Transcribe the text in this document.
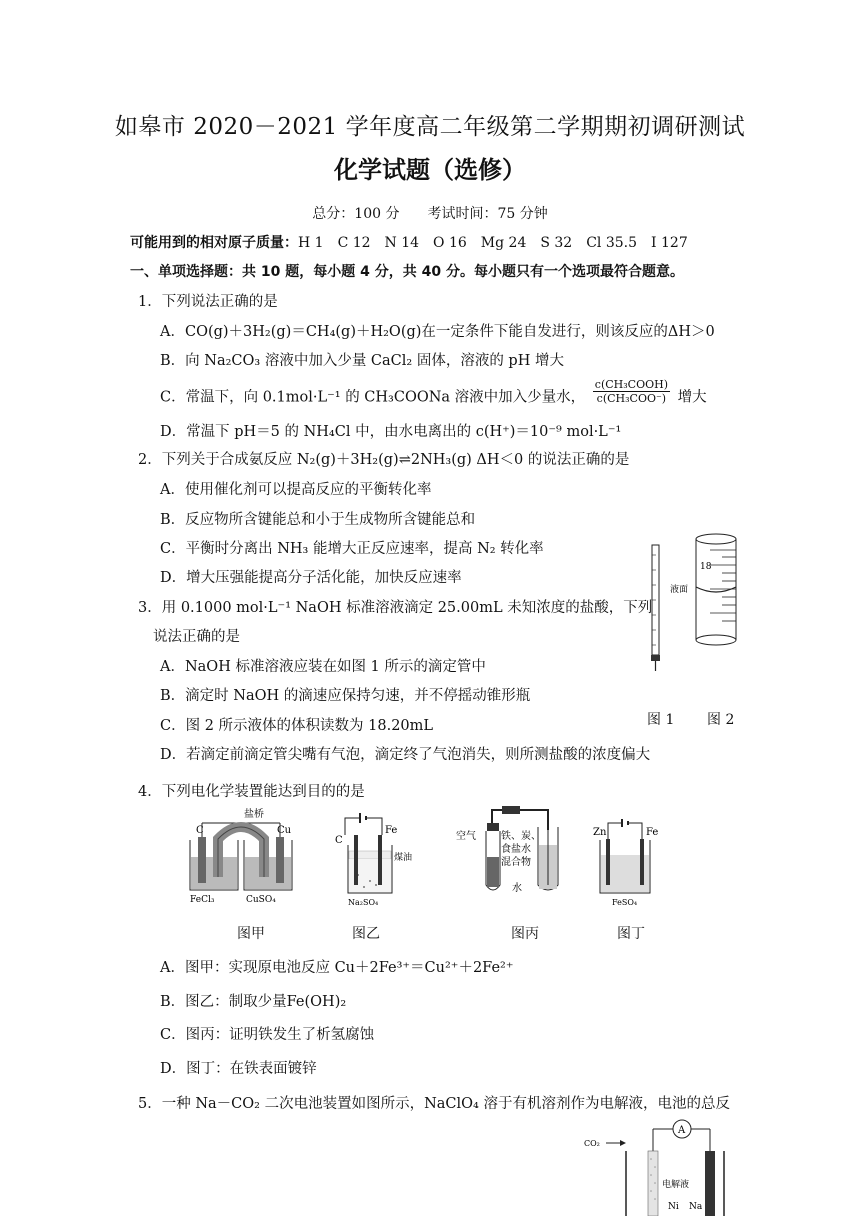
如皋市 2020－2021 学年度高二年级第二学期期初调研测试
化学试题（选修）
总分：100 分　　考试时间：75 分钟
可能用到的相对原子质量：H 1　C 12　N 14　O 16　Mg 24　S 32　Cl 35.5　I 127
一、单项选择题：共 10 题，每小题 4 分，共 40 分。每小题只有一个选项最符合题意。
1．下列说法正确的是
A．CO(g)＋3H₂(g)＝CH₄(g)＋H₂O(g)在一定条件下能自发进行，则该反应的ΔH＞0
B．向 Na₂CO₃ 溶液中加入少量 CaCl₂ 固体，溶液的 pH 增大
C．常温下，向 0.1mol·L⁻¹ 的 CH₃COONa 溶液中加入少量水，
c(CH₃COOH)
c(CH₃COO⁻) 增大
D．常温下 pH＝5 的 NH₄Cl 中，由水电离出的 c(H⁺)＝10⁻⁹ mol·L⁻¹
2．下列关于合成氨反应 N₂(g)＋3H₂(g)⇌2NH₃(g) ΔH＜0 的说法正确的是
A．使用催化剂可以提高反应的平衡转化率
B．反应物所含键能总和小于生成物所含键能总和
C．平衡时分离出 NH₃ 能增大正反应速率，提高 N₂ 转化率
D．增大压强能提高分子活化能，加快反应速率
3．用 0.1000 mol·L⁻¹ NaOH 标准溶液滴定 25.00mL 未知浓度的盐酸，下列
说法正确的是
A．NaOH 标准溶液应装在如图 1 所示的滴定管中
B．滴定时 NaOH 的滴速应保持匀速，并不停摇动锥形瓶
C．图 2 所示液体的体积读数为 18.20mL
D．若滴定前滴定管尖嘴有气泡，滴定终了气泡消失，则所测盐酸的浓度偏大
18
液面
图 1 图 2
4．下列电化学装置能达到目的的是
盐桥
C	Cu
FeCl₃	CuSO₄
C
Fe
煤油
Na₂SO₄
空气	铁、炭、
食盐水
混合物
水
Zn	Fe
FeSO₄
图甲	图乙	图丙	图丁
A．图甲：实现原电池反应 Cu＋2Fe³⁺＝Cu²⁺＋2Fe²⁺
B．图乙：制取少量Fe(OH)₂
C．图丙：证明铁发生了析氢腐蚀
D．图丁：在铁表面镀锌
5．一种 Na－CO₂ 二次电池装置如图所示，NaClO₄ 溶于有机溶剂作为电解液，电池的总反
CO₂
A
电解液
Ni Na
